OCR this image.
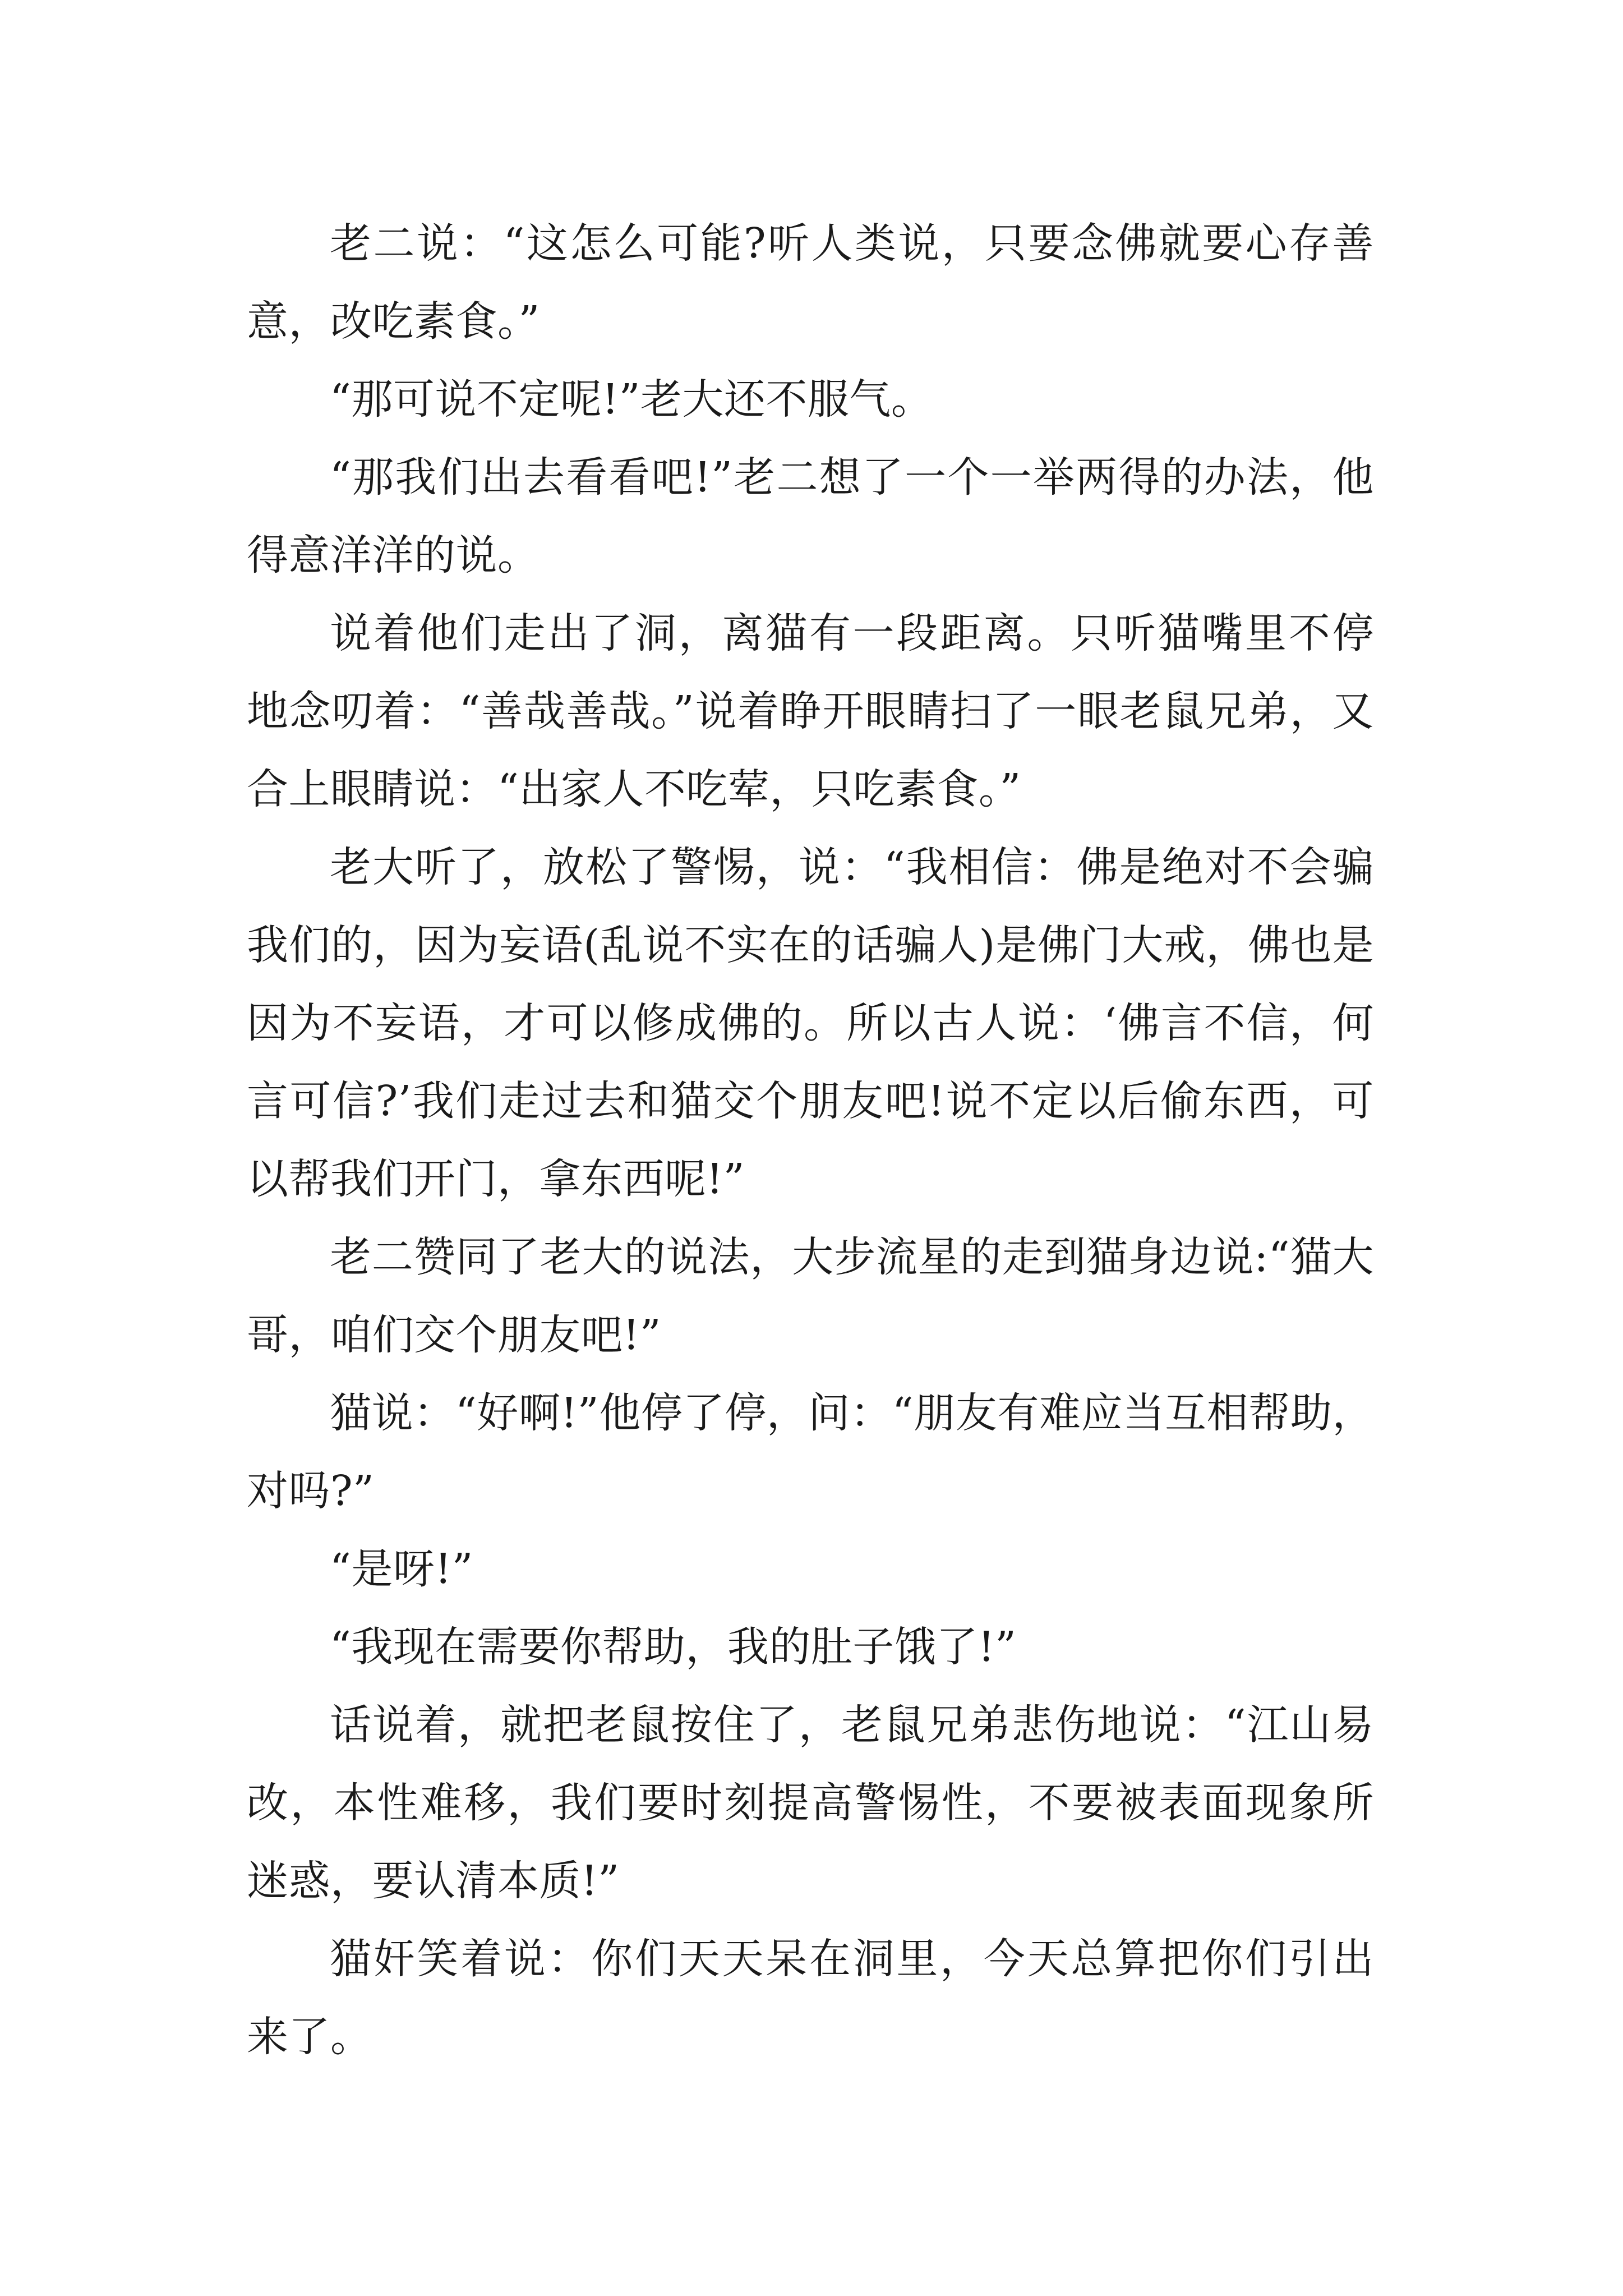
老二说：“这怎么可能?听人类说，只要念佛就要心存善意，改吃素食。”

“那可说不定呢!”老大还不服气。

“那我们出去看看吧!”老二想了一个一举两得的办法，他得意洋洋的说。

说着他们走出了洞，离猫有一段距离。只听猫嘴里不停地念叨着：“善哉善哉。”说着睁开眼睛扫了一眼老鼠兄弟，又合上眼睛说：“出家人不吃荤，只吃素食。”

老大听了，放松了警惕，说：“我相信：佛是绝对不会骗我们的，因为妄语(乱说不实在的话骗人)是佛门大戒，佛也是因为不妄语，才可以修成佛的。所以古人说：‘佛言不信，何言可信?’我们走过去和猫交个朋友吧!说不定以后偷东西，可以帮我们开门，拿东西呢!”

老二赞同了老大的说法，大步流星的走到猫身边说:“猫大哥，咱们交个朋友吧!”

猫说：“好啊!”他停了停，问：“朋友有难应当互相帮助，对吗?”

“是呀!”

“我现在需要你帮助，我的肚子饿了!”

话说着，就把老鼠按住了，老鼠兄弟悲伤地说：“江山易改，本性难移，我们要时刻提高警惕性，不要被表面现象所迷惑，要认清本质!”

猫奸笑着说：你们天天呆在洞里，今天总算把你们引出来了。
